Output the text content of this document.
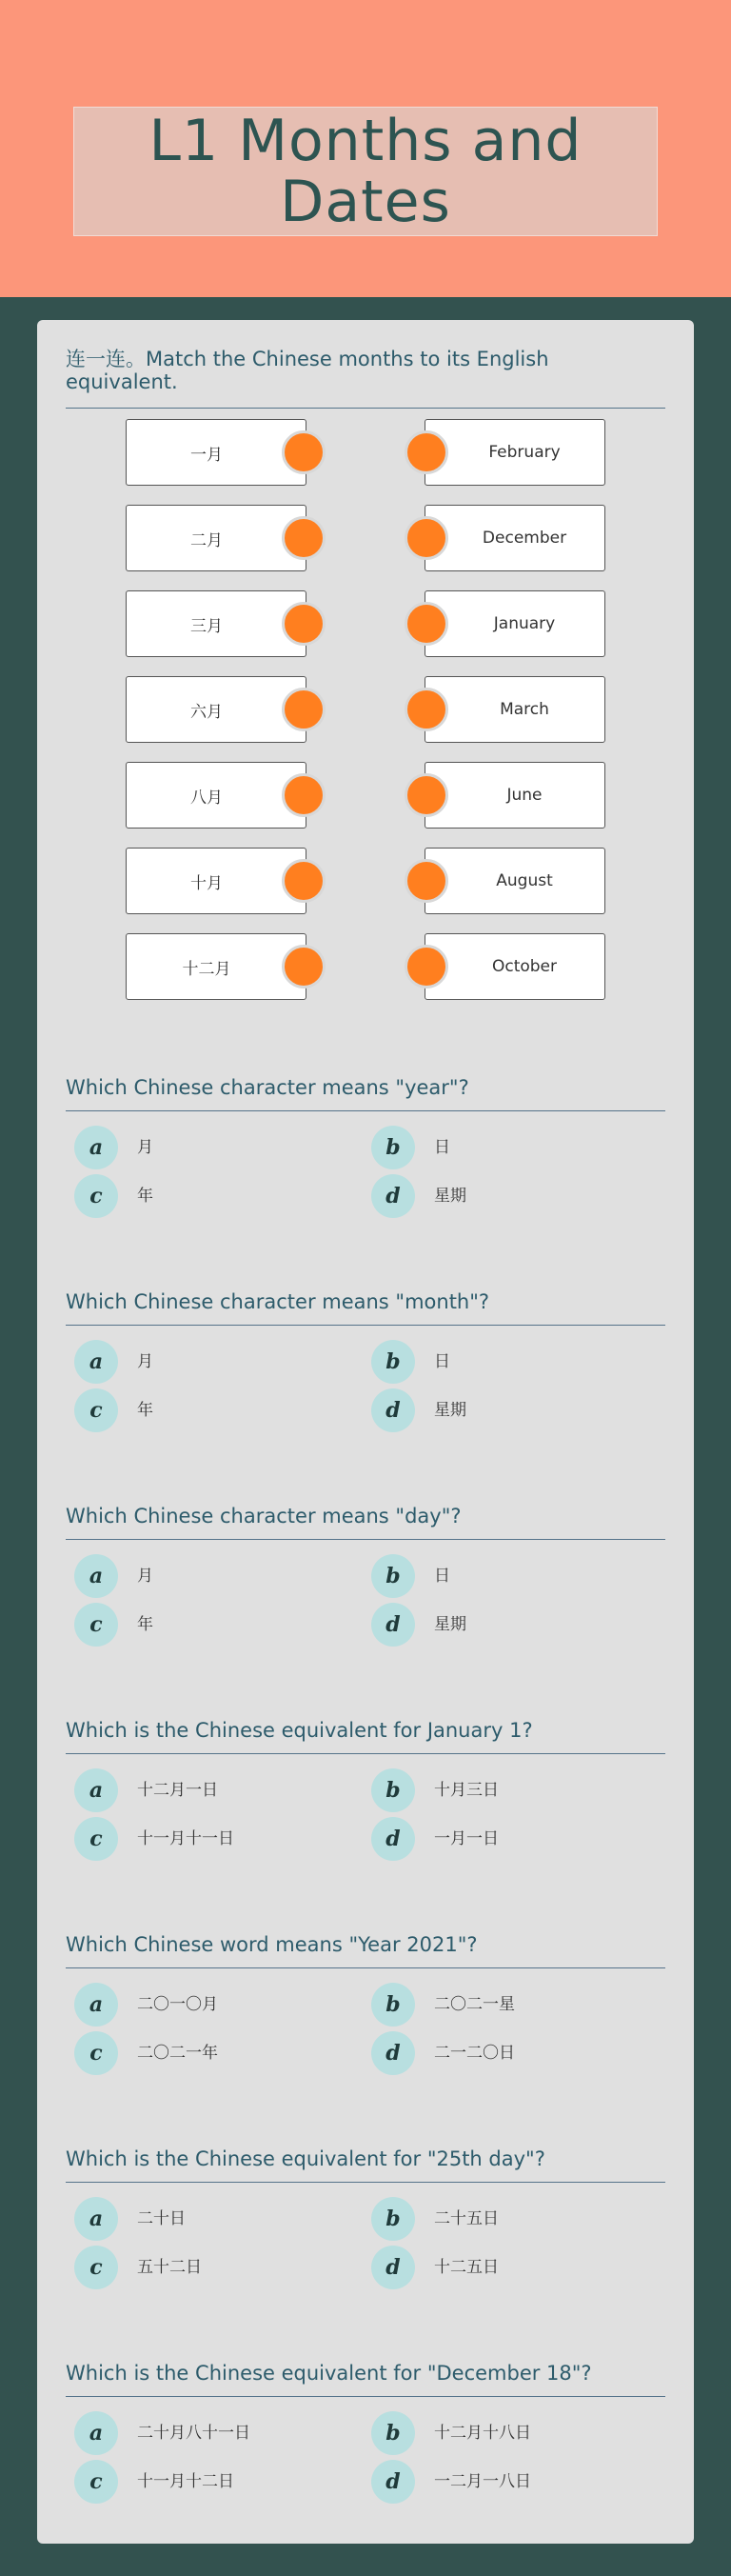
L1 Months and Dates
连一连。Match the Chinese months to its English equivalent.
一月	February
二月	December
三月	January
六月	March
八月	June
十月	August
十二月	October
Which Chinese character means "year"?
a	月	b	日
c	年	d	星期
Which Chinese character means "month"?
a	月	b	日
c	年	d	星期
Which Chinese character means "day"?
a	月	b	日
c	年	d	星期
Which is the Chinese equivalent for January 1?
a	十二月一日	b	十月三日
c	十一月十一日	d	一月一日
Which Chinese word means "Year 2021"?
a	二〇一〇月	b	二〇二一星
c	二〇二一年	d	二一二〇日
Which is the Chinese equivalent for "25th day"?
a	二十日	b	二十五日
c	五十二日	d	十二五日
Which is the Chinese equivalent for "December 18"?
a	二十月八十一日	b	十二月十八日
c	十一月十二日	d	一二月一八日
